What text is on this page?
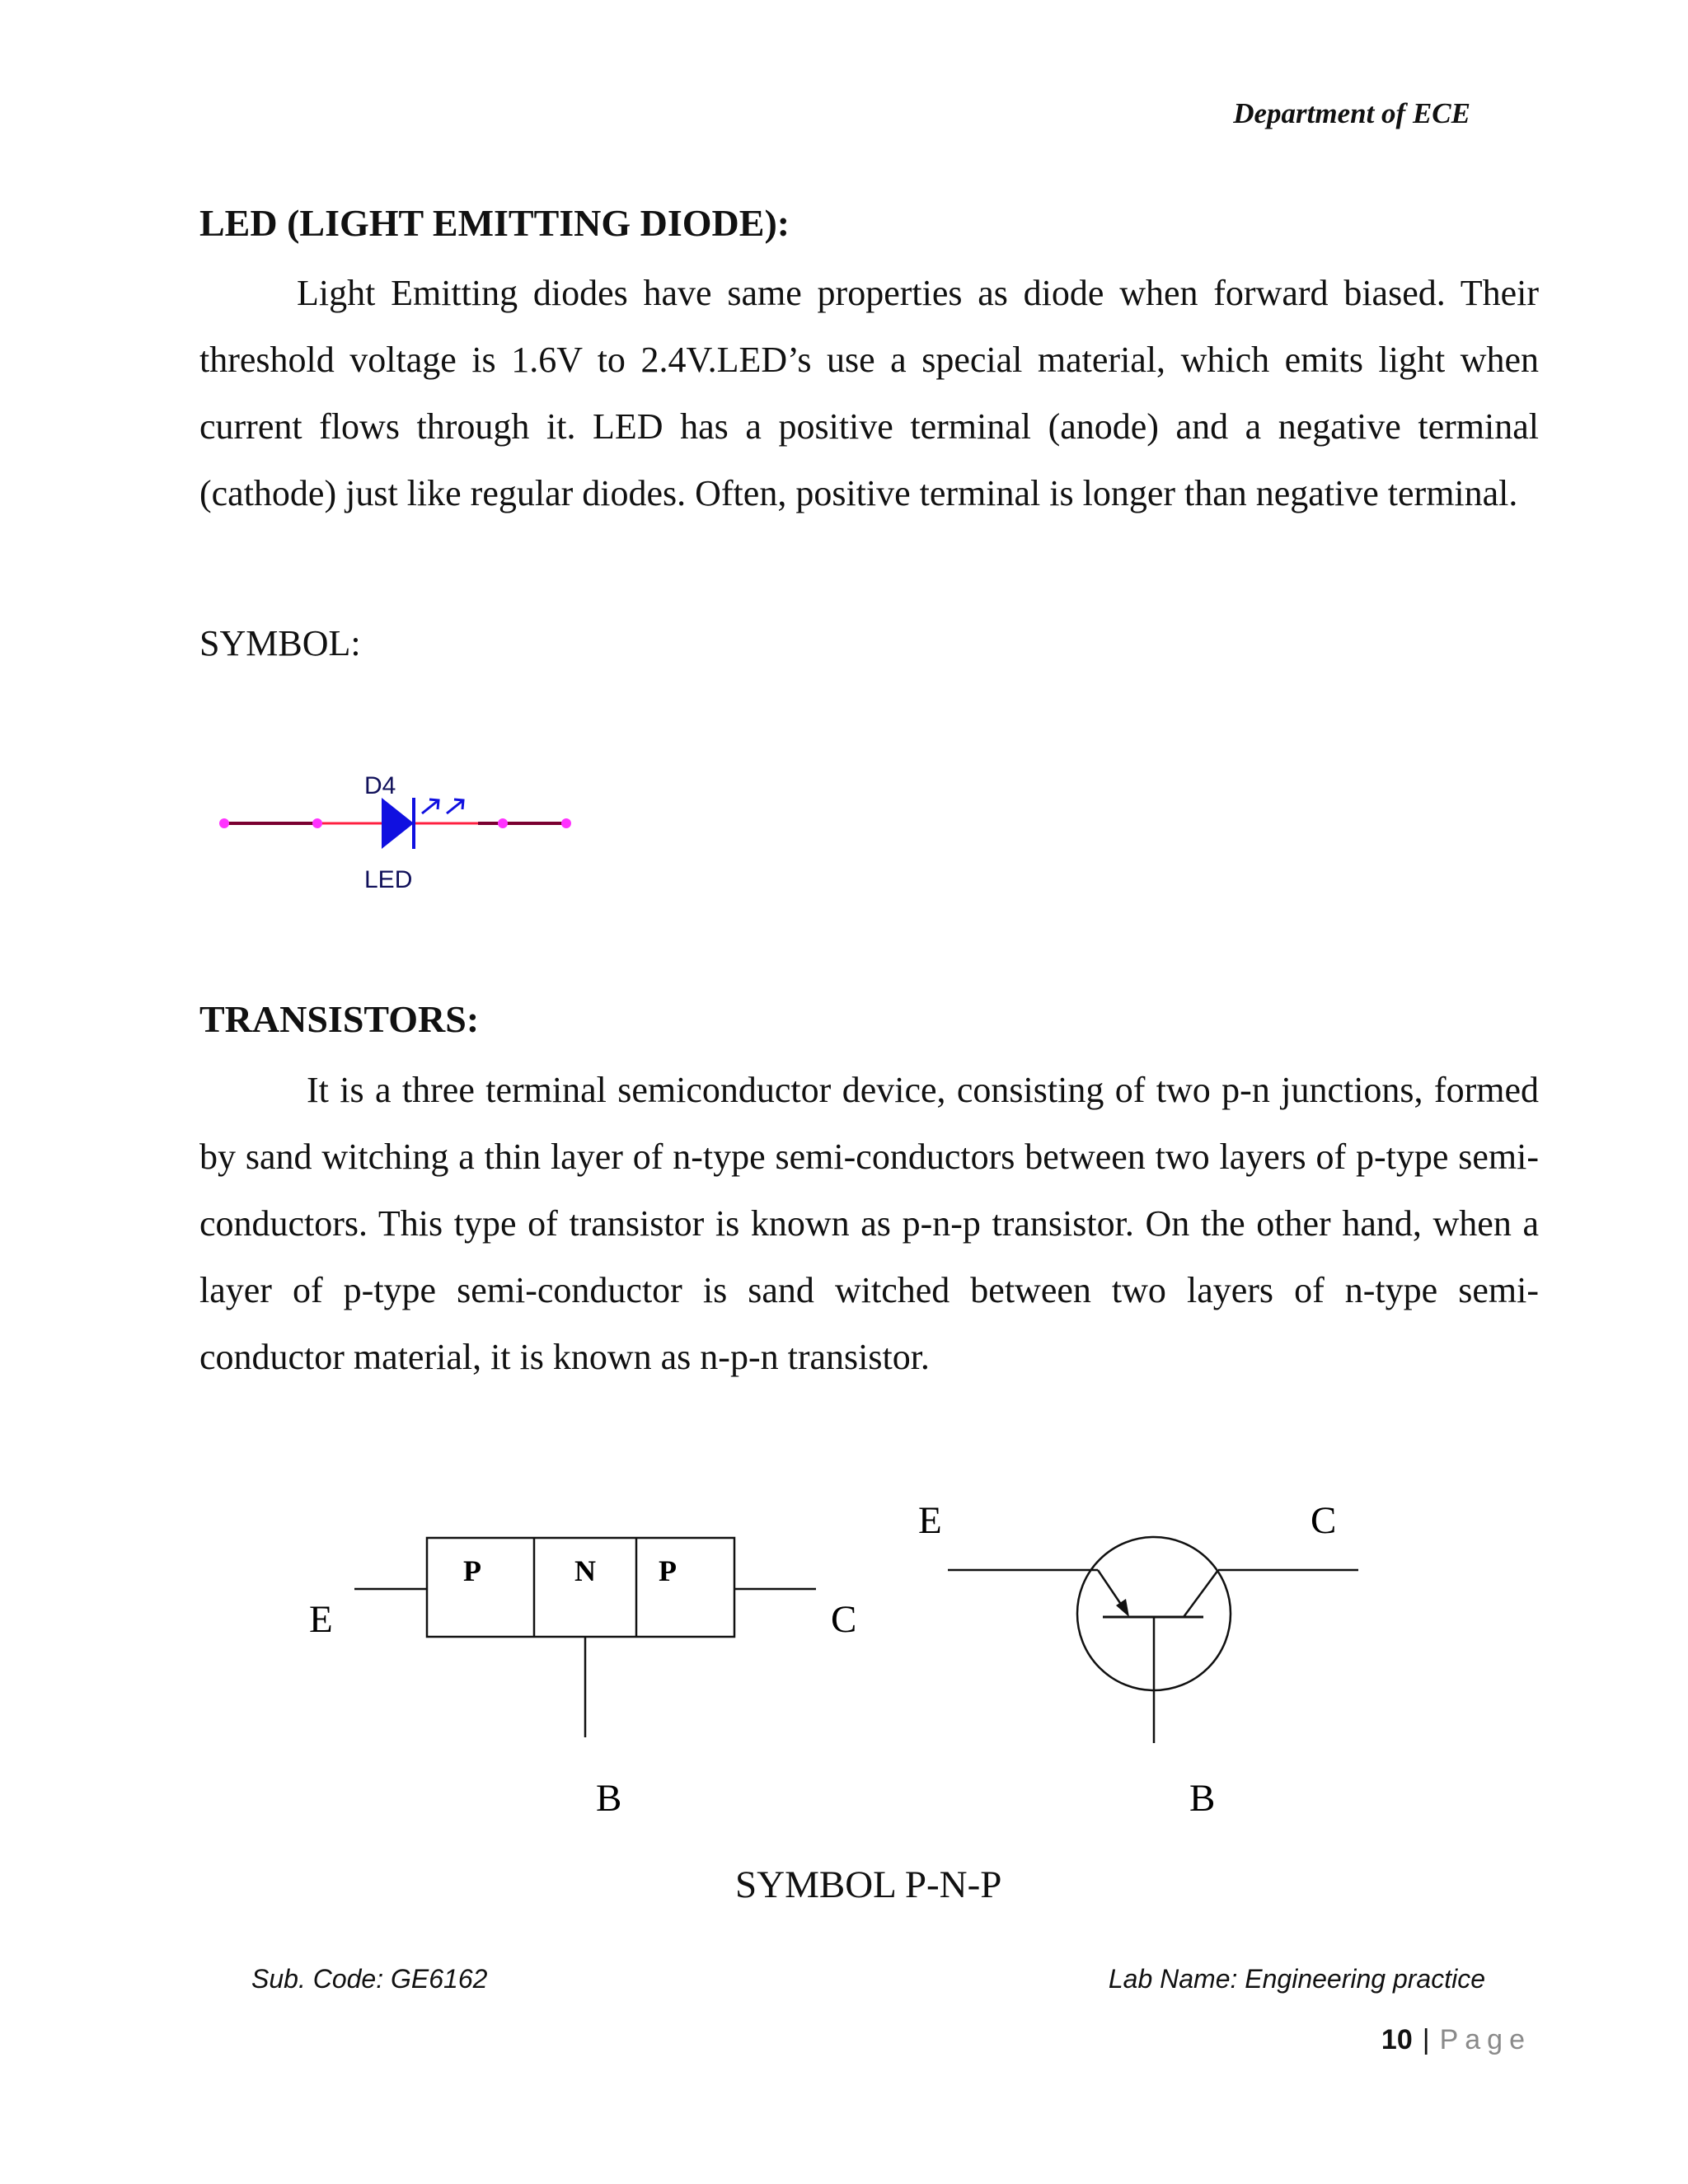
Department of ECE
LED (LIGHT EMITTING DIODE):
Light Emitting diodes have same properties as diode when forward biased. Their threshold voltage is 1.6V to 2.4V.LED’s use a special material, which emits light when current flows through it. LED has a positive terminal (anode) and a negative terminal (cathode) just like regular diodes. Often, positive terminal is longer than negative terminal.
SYMBOL:
D4
LED
TRANSISTORS:
It is a three terminal semiconductor device, consisting of two p-n junctions, formed by sand witching a thin layer of n-type semi-conductors between two layers of p-type semi-conductors. This type of transistor is known as p-n-p transistor. On the other hand, when a layer of p-type semi-conductor is sand witched between two layers of n-type semi-conductor material, it is known as n-p-n transistor.
P	N P
E	C
B
E	C
B
SYMBOL P-N-P
Sub. Code: GE6162	Lab Name: Engineering practice
10 | Page
